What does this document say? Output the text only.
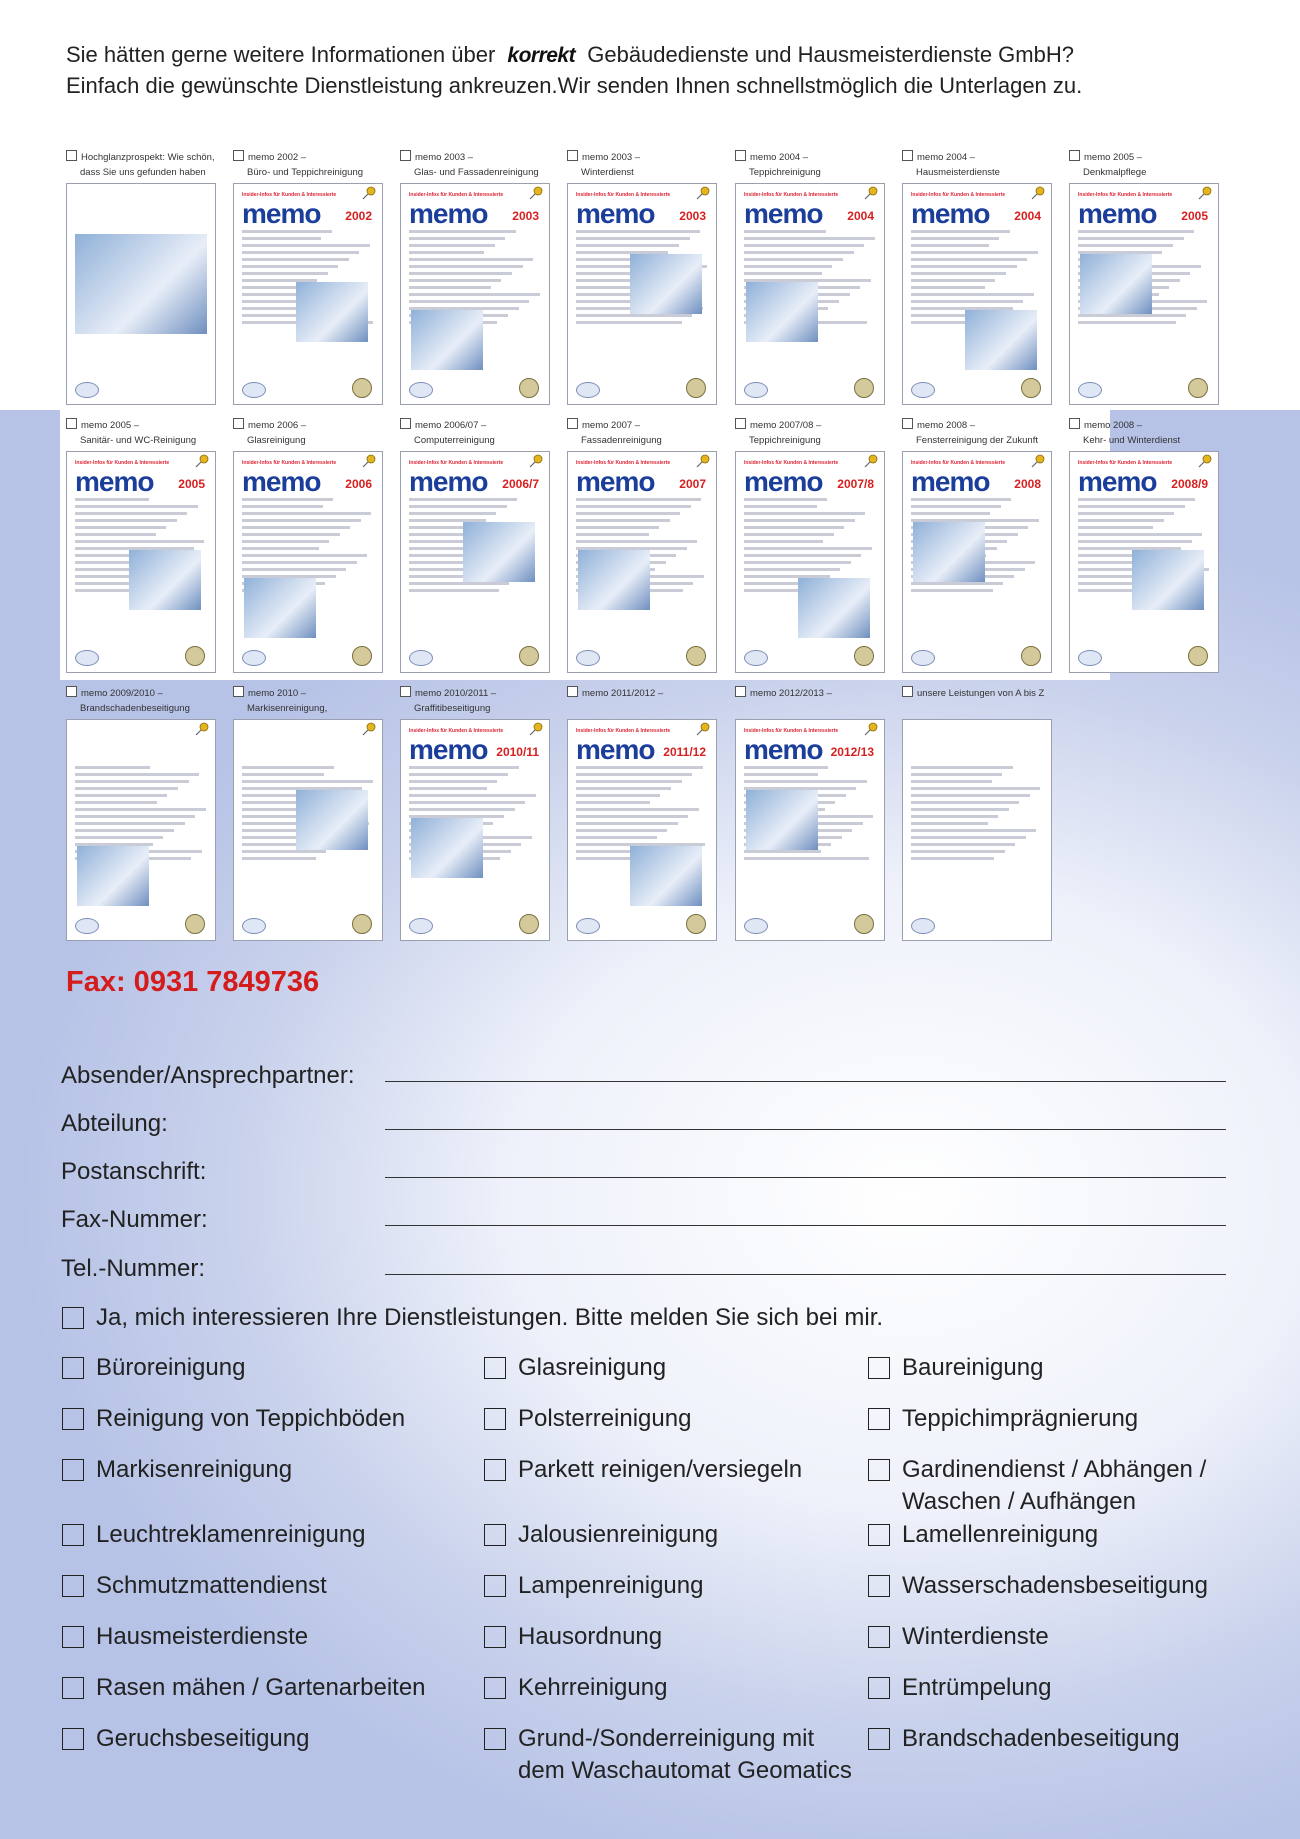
Sie hätten gerne weitere Informationen über korrekt Gebäudedienste und Hausmeisterdienste GmbH?
Einfach die gewünschte Dienstleistung ankreuzen.Wir senden Ihnen schnellstmöglich die Unterlagen zu.
Hochglanzprospekt: Wie schön,
dass Sie uns gefunden haben
memo 2002 –
Büro- und Teppichreinigung
Insider-Infos für Kunden & Interessierte
memo 2002
memo 2003 –
Glas- und Fassadenreinigung
Insider-Infos für Kunden & Interessierte
memo 2003
memo 2003 –
Winterdienst
Insider-Infos für Kunden & Interessierte
memo 2003
memo 2004 –
Teppichreinigung
Insider-Infos für Kunden & Interessierte
memo 2004
memo 2004 –
Hausmeisterdienste
Insider-Infos für Kunden & Interessierte
memo 2004
memo 2005 –
Denkmalpflege
Insider-Infos für Kunden & Interessierte
memo 2005
memo 2005 –
Sanitär- und WC-Reinigung
Insider-Infos für Kunden & Interessierte
memo 2005
memo 2006 –
Glasreinigung
Insider-Infos für Kunden & Interessierte
memo 2006
memo 2006/07 –
Computerreinigung
Insider-Infos für Kunden & Interessierte
memo 2006/7
memo 2007 –
Fassadenreinigung
Insider-Infos für Kunden & Interessierte
memo 2007
memo 2007/08 –
Teppichreinigung
Insider-Infos für Kunden & Interessierte
memo 2007/8
memo 2008 –
Fensterreinigung der Zukunft
Insider-Infos für Kunden & Interessierte
memo 2008
memo 2008 –
Kehr- und Winterdienst
Insider-Infos für Kunden & Interessierte
memo 2008/9
memo 2009/2010 –
Brandschadenbeseitigung
memo 2010 –
Markisenreinigung,
memo 2010/2011 –
Graffitibeseitigung
Insider-Infos für Kunden & Interessierte
memo 2010/11
memo 2011/2012 –
Insider-Infos für Kunden & Interessierte
memo 2011/12
memo 2012/2013 –
Insider-Infos für Kunden & Interessierte
memo 2012/13
unsere Leistungen von A bis Z
Fax: 0931 7849736
Absender/Ansprechpartner:
Abteilung:
Postanschrift:
Fax-Nummer:
Tel.-Nummer:
Ja, mich interessieren Ihre Dienstleistungen. Bitte melden Sie sich bei mir.
Büroreinigung
Reinigung von Teppichböden
Markisenreinigung
Leuchtreklamenreinigung
Schmutzmattendienst
Hausmeisterdienste
Rasen mähen / Gartenarbeiten
Geruchsbeseitigung
Glasreinigung
Polsterreinigung
Parkett reinigen/versiegeln
Jalousienreinigung
Lampenreinigung
Hausordnung
Kehrreinigung
Grund-/Sonderreinigung mit
dem Waschautomat Geomatics
Baureinigung
Teppichimprägnierung
Gardinendienst / Abhängen /
Waschen / Aufhängen
Lamellenreinigung
Wasserschadensbeseitigung
Winterdienste
Entrümpelung
Brandschadenbeseitigung
